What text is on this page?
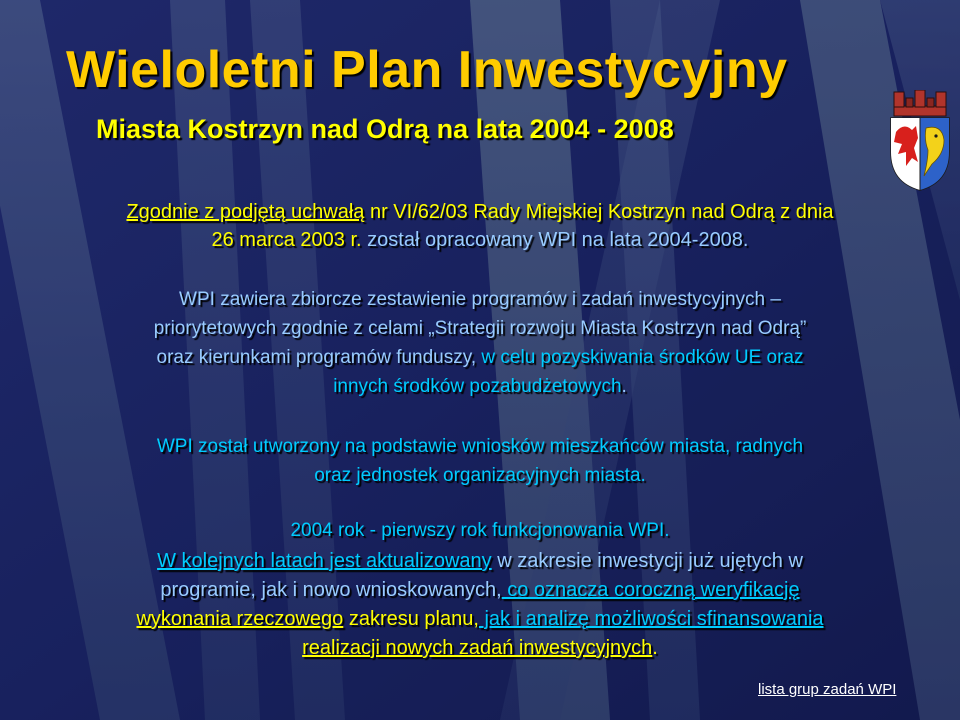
Wieloletni Plan Inwestycyjny
Miasta Kostrzyn nad Odrą na lata 2004 - 2008
Zgodnie z podjętą uchwałą nr VI/62/03 Rady Miejskiej Kostrzyn nad Odrą z dnia
26 marca 2003 r. został opracowany WPI na lata 2004-2008.
WPI zawiera zbiorcze zestawienie programów i zadań inwestycyjnych –
priorytetowych zgodnie z celami „Strategii rozwoju Miasta Kostrzyn nad Odrą”
oraz kierunkami programów funduszy, w celu pozyskiwania środków UE oraz
innych środków pozabudżetowych.
WPI został utworzony na podstawie wniosków mieszkańców miasta, radnych
oraz jednostek organizacyjnych miasta.
2004 rok - pierwszy rok funkcjonowania WPI.
W kolejnych latach jest aktualizowany w zakresie inwestycji już ujętych w
programie, jak i nowo wnioskowanych, co oznacza coroczną weryfikację
wykonania rzeczowego zakresu planu, jak i analizę możliwości sfinansowania
realizacji nowych zadań inwestycyjnych.
lista grup zadań WPI
